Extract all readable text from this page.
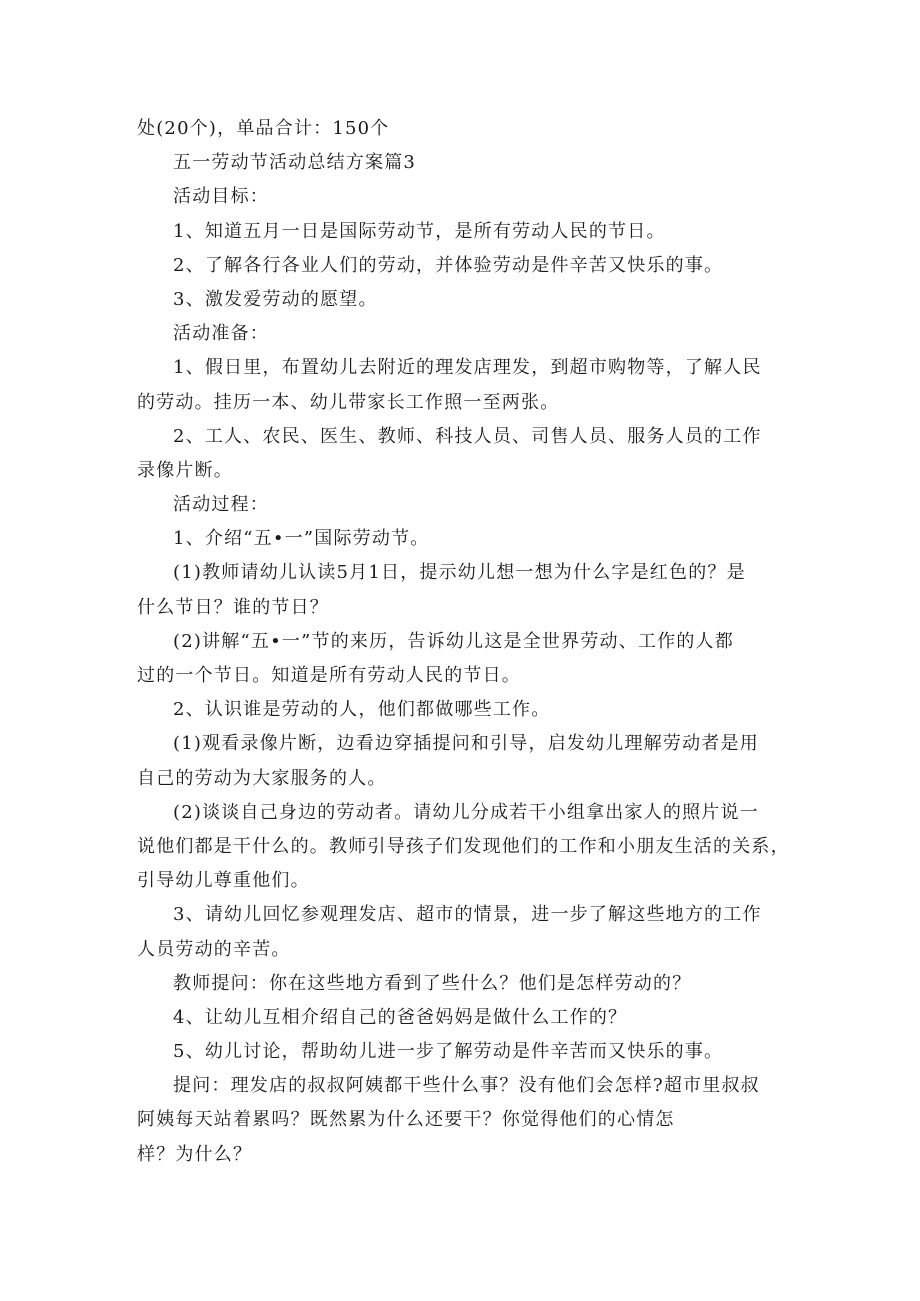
处(20个)，单品合计：150个
五一劳动节活动总结方案篇3
活动目标：
1、知道五月一日是国际劳动节，是所有劳动人民的节日。
2、了解各行各业人们的劳动，并体验劳动是件辛苦又快乐的事。
3、激发爱劳动的愿望。
活动准备：
1、假日里，布置幼儿去附近的理发店理发，到超市购物等，了解人民
的劳动。挂历一本、幼儿带家长工作照一至两张。
2、工人、农民、医生、教师、科技人员、司售人员、服务人员的工作
录像片断。
活动过程：
1、介绍“五•一”国际劳动节。
(1)教师请幼儿认读5月1日，提示幼儿想一想为什么字是红色的？是
什么节日？谁的节日？
(2)讲解“五•一”节的来历，告诉幼儿这是全世界劳动、工作的人都
过的一个节日。知道是所有劳动人民的节日。
2、认识谁是劳动的人，他们都做哪些工作。
(1)观看录像片断，边看边穿插提问和引导，启发幼儿理解劳动者是用
自己的劳动为大家服务的人。
(2)谈谈自己身边的劳动者。请幼儿分成若干小组拿出家人的照片说一
说他们都是干什么的。教师引导孩子们发现他们的工作和小朋友生活的关系，
引导幼儿尊重他们。
3、请幼儿回忆参观理发店、超市的情景，进一步了解这些地方的工作
人员劳动的辛苦。
教师提问：你在这些地方看到了些什么？他们是怎样劳动的？
4、让幼儿互相介绍自己的爸爸妈妈是做什么工作的？
5、幼儿讨论，帮助幼儿进一步了解劳动是件辛苦而又快乐的事。
提问：理发店的叔叔阿姨都干些什么事？没有他们会怎样?超市里叔叔
阿姨每天站着累吗？既然累为什么还要干？你觉得他们的心情怎
样？为什么？
